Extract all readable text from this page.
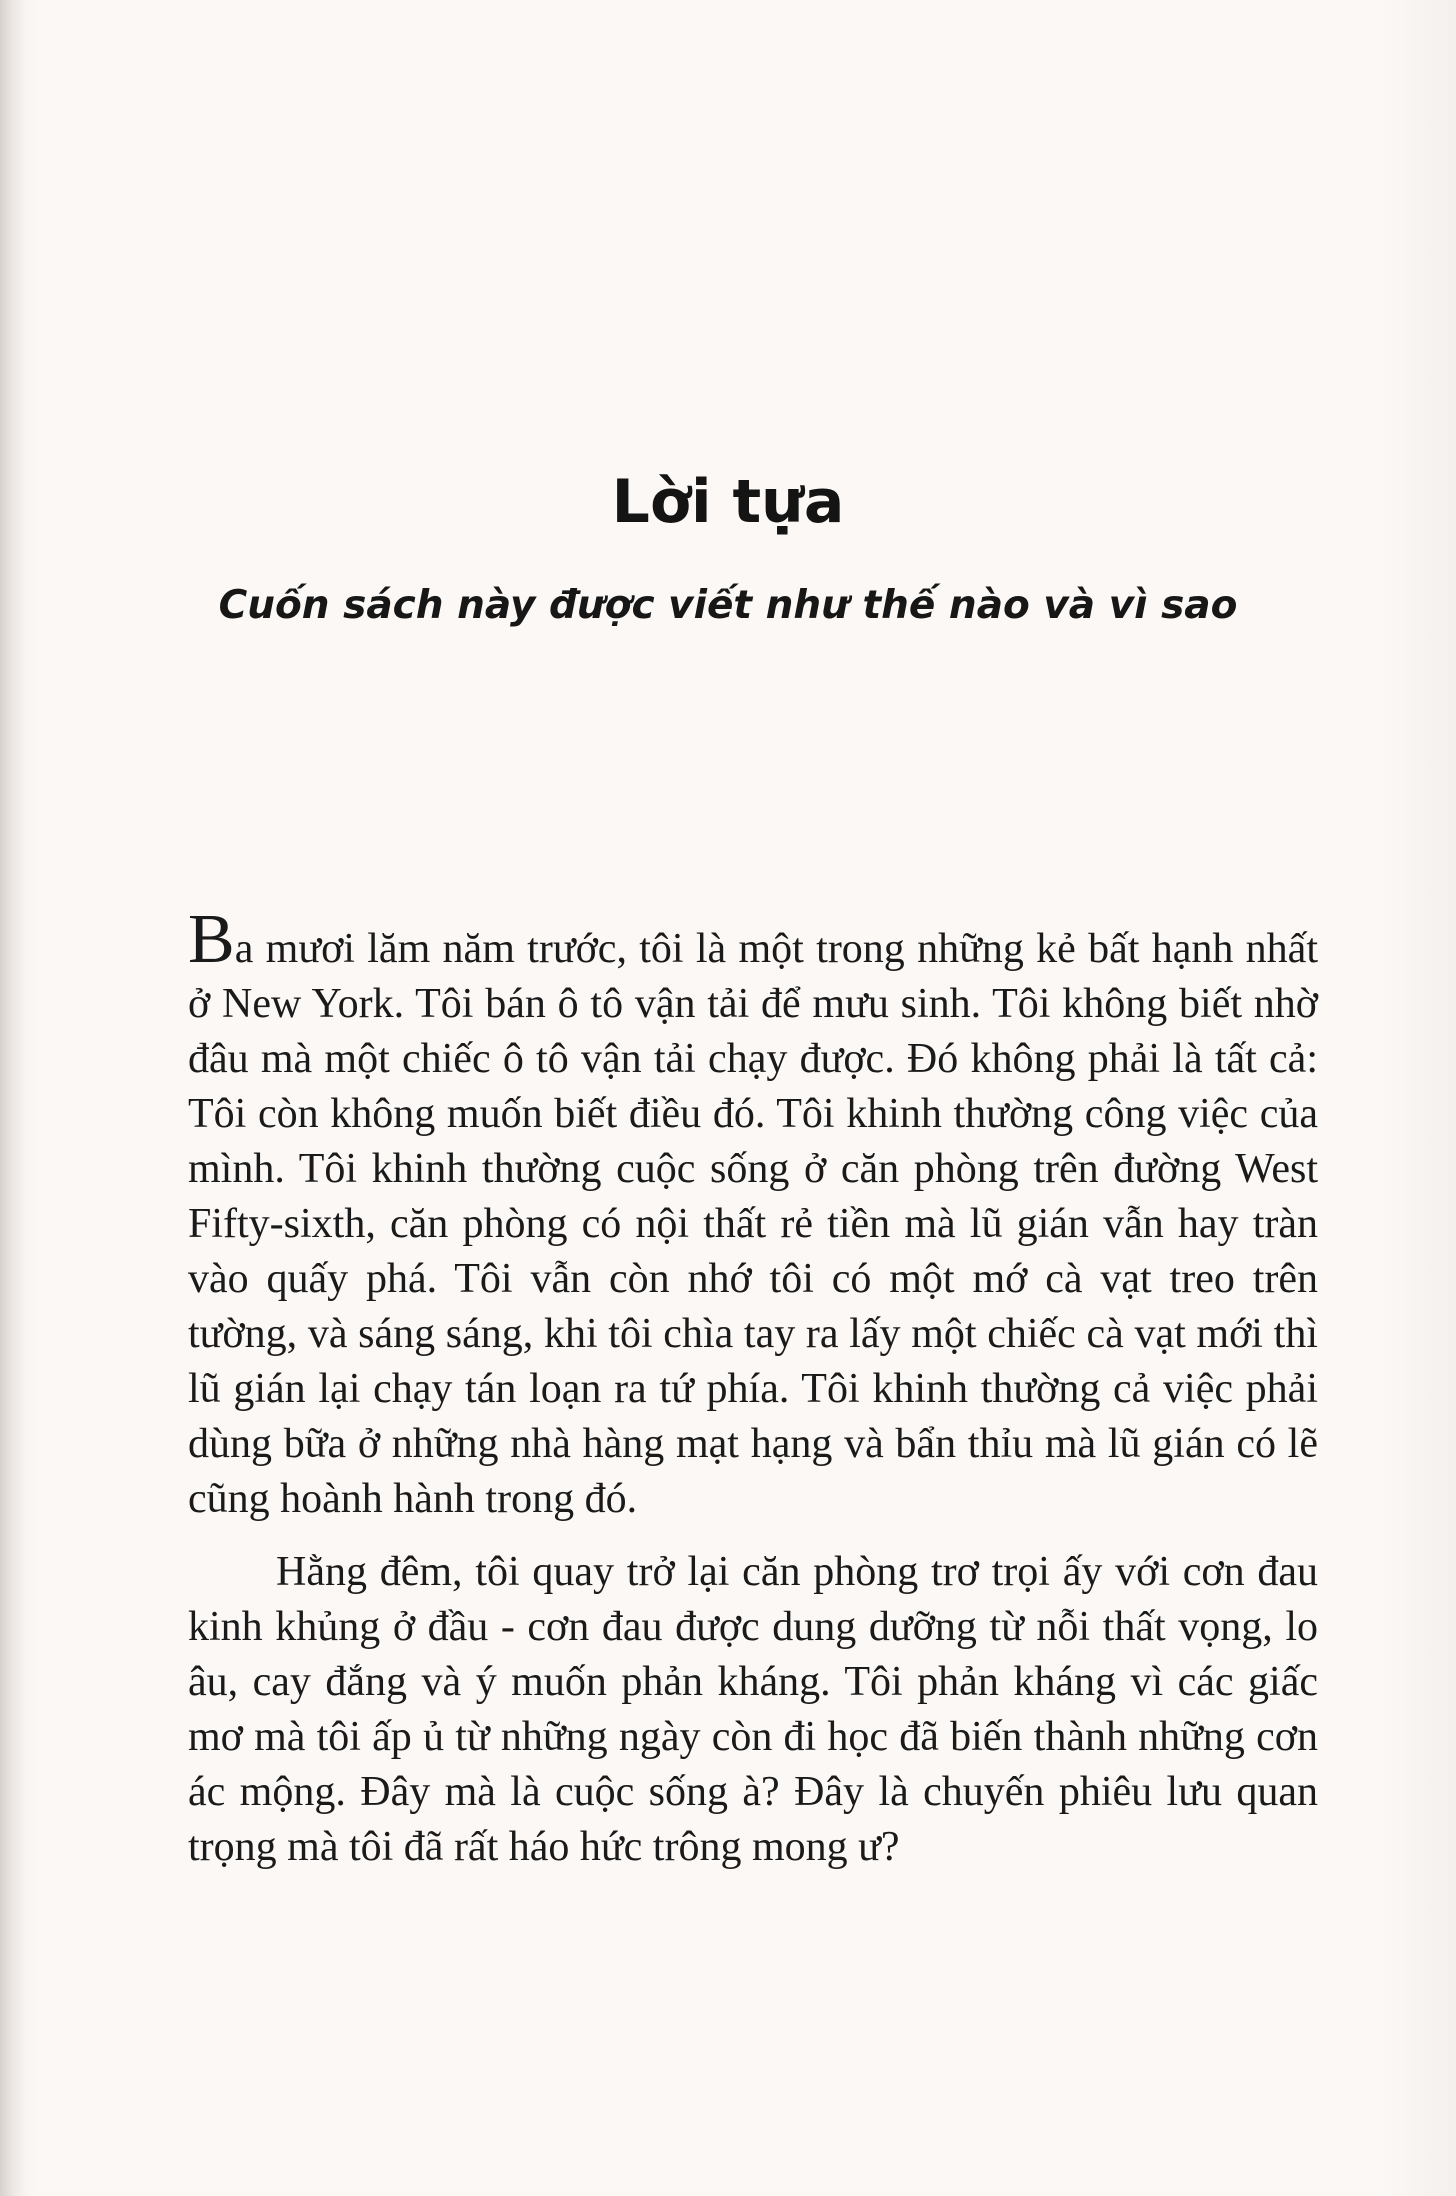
Lời tựa
Cuốn sách này được viết như thế nào và vì sao

Ba mươi lăm năm trước, tôi là một trong những kẻ bất hạnh nhất ở New York. Tôi bán ô tô vận tải để mưu sinh. Tôi không biết nhờ đâu mà một chiếc ô tô vận tải chạy được. Đó không phải là tất cả: Tôi còn không muốn biết điều đó. Tôi khinh thường công việc của mình. Tôi khinh thường cuộc sống ở căn phòng trên đường West Fifty-sixth, căn phòng có nội thất rẻ tiền mà lũ gián vẫn hay tràn vào quấy phá. Tôi vẫn còn nhớ tôi có một mớ cà vạt treo trên tường, và sáng sáng, khi tôi chìa tay ra lấy một chiếc cà vạt mới thì lũ gián lại chạy tán loạn ra tứ phía. Tôi khinh thường cả việc phải dùng bữa ở những nhà hàng mạt hạng và bẩn thỉu mà lũ gián có lẽ cũng hoành hành trong đó.

Hằng đêm, tôi quay trở lại căn phòng trơ trọi ấy với cơn đau kinh khủng ở đầu - cơn đau được dung dưỡng từ nỗi thất vọng, lo âu, cay đắng và ý muốn phản kháng. Tôi phản kháng vì các giấc mơ mà tôi ấp ủ từ những ngày còn đi học đã biến thành những cơn ác mộng. Đây mà là cuộc sống à? Đây là chuyến phiêu lưu quan trọng mà tôi đã rất háo hức trông mong ư?
